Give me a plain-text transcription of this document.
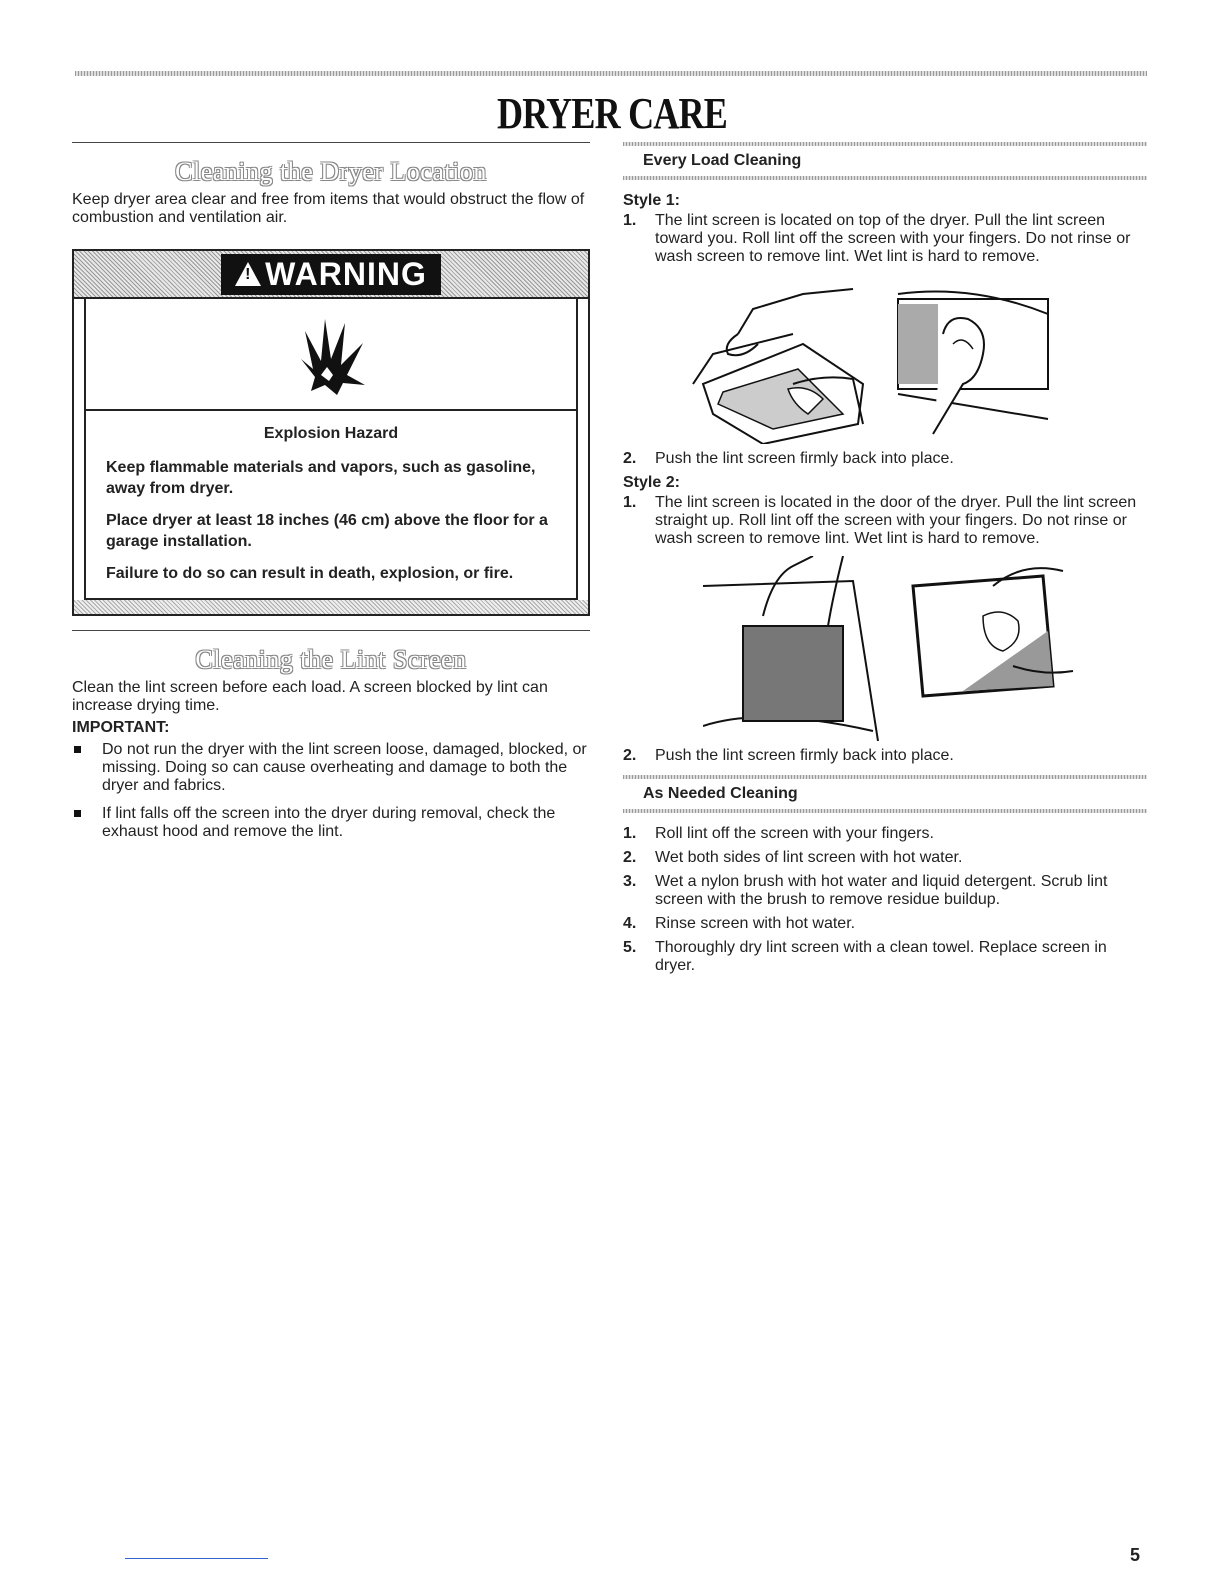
DRYER CARE
Cleaning the Dryer Location

Keep dryer area clear and free from items that would obstruct the flow of combustion and ventilation air.

! WARNING
Explosion Hazard
Keep flammable materials and vapors, such as gasoline, away from dryer.
Place dryer at least 18 inches (46 cm) above the floor for a garage installation.
Failure to do so can result in death, explosion, or fire.
Cleaning the Lint Screen

Clean the lint screen before each load. A screen blocked by lint can increase drying time.

IMPORTANT:
Do not run the dryer with the lint screen loose, damaged, blocked, or missing. Doing so can cause overheating and damage to both the dryer and fabrics.
If lint falls off the screen into the dryer during removal, check the exhaust hood and remove the lint.
Every Load Cleaning
Style 1:
1. The lint screen is located on top of the dryer. Pull the lint screen toward you. Roll lint off the screen with your fingers. Do not rinse or wash screen to remove lint. Wet lint is hard to remove.
2. Push the lint screen firmly back into place.
Style 2:
1. The lint screen is located in the door of the dryer. Pull the lint screen straight up. Roll lint off the screen with your fingers. Do not rinse or wash screen to remove lint. Wet lint is hard to remove.
2. Push the lint screen firmly back into place.
As Needed Cleaning
1. Roll lint off the screen with your fingers.
2. Wet both sides of lint screen with hot water.
3. Wet a nylon brush with hot water and liquid detergent. Scrub lint screen with the brush to remove residue buildup.
4. Rinse screen with hot water.
5. Thoroughly dry lint screen with a clean towel. Replace screen in dryer.
5
